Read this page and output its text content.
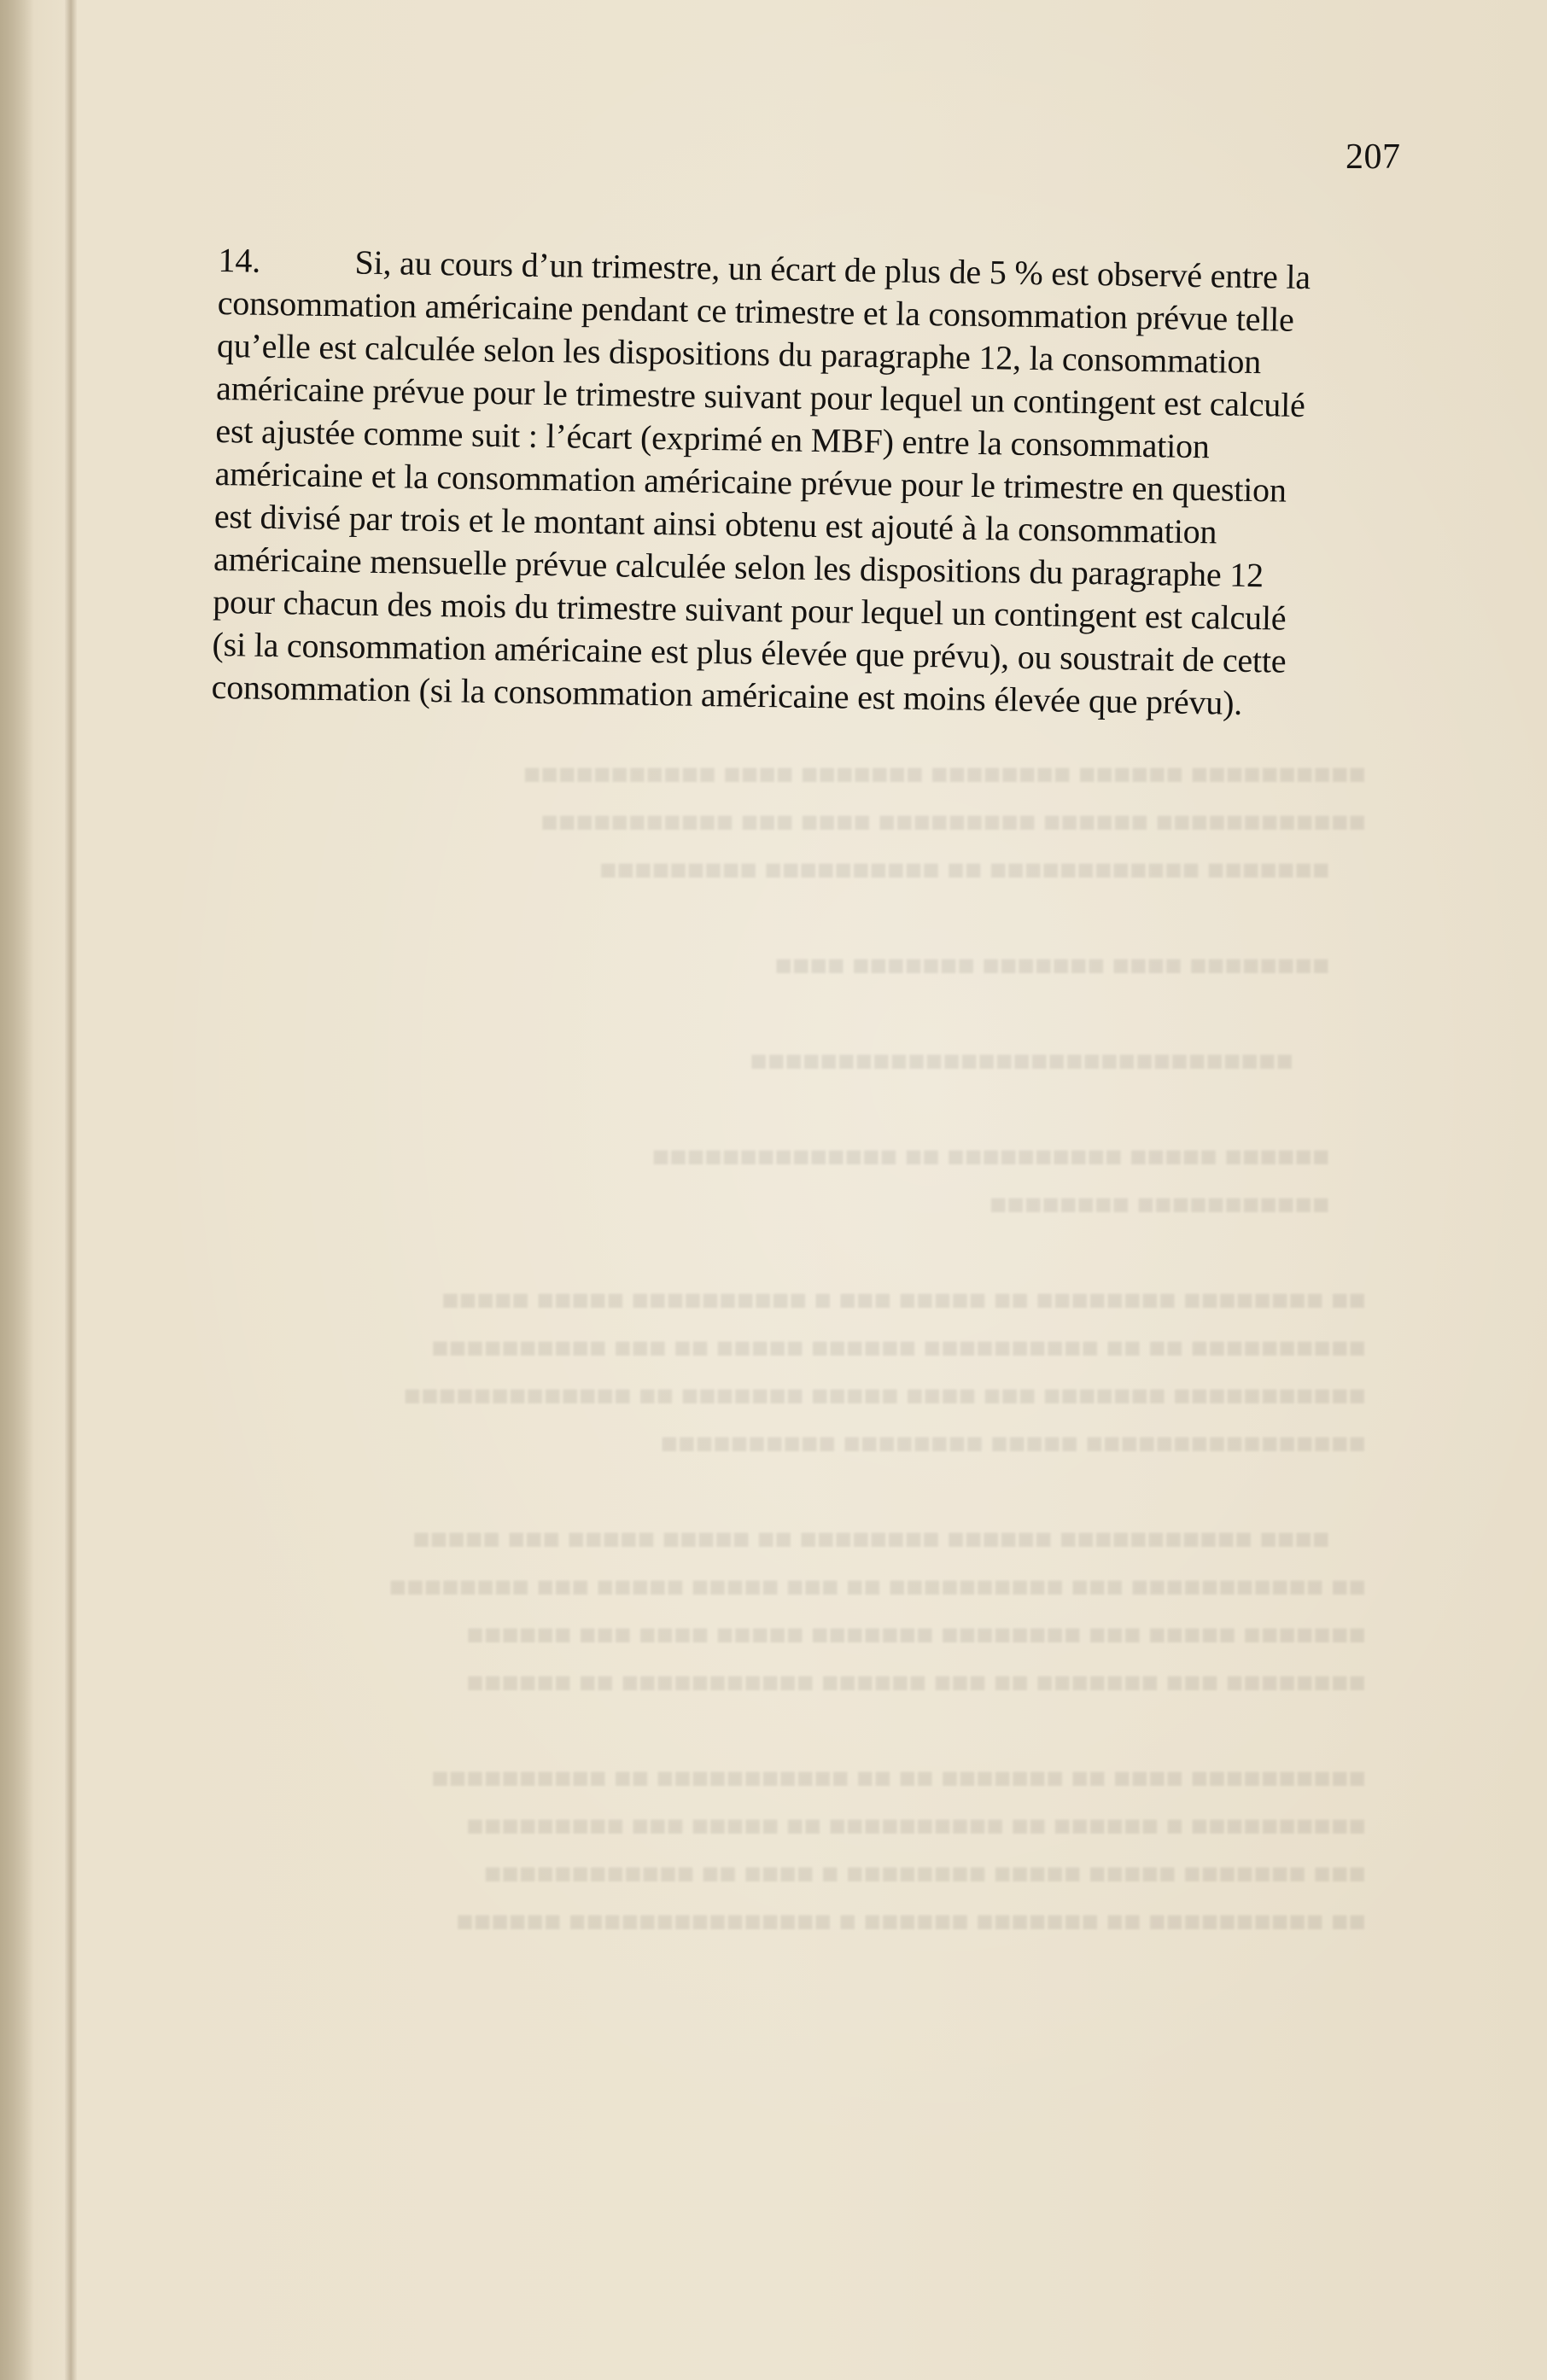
■■■■■■■■■■ ■■■■■■ ■■■■■■■■ ■■■■■■■ ■■■■ ■■■■■■■■■■■
■■■■■■■■■■■■ ■■■■■■ ■■■■■■■■■ ■■■■ ■■■ ■■■■■■■■■■■
■■■■■■■ ■■■■■■■■■■■■ ■■ ■■■■■■■■■■ ■■■■■■■■■

■■■■■■■■ ■■■■ ■■■■■■■ ■■■■■■■ ■■■■

■■■■■■■■■■■■■■■■■■■■■■■■■■■■■■■

■■■■■■ ■■■■■ ■■■■■■■■■■ ■■ ■■■■■■■■■■■■■■
■■■■■■■■■■■ ■■■■■■■■

■■ ■■■■■■■■ ■■■■■■■■ ■■ ■■■■■ ■■■ ■ ■■■■■■■■■■ ■■■■■ ■■■■■
■■■■■■■■■■ ■■ ■■ ■■■■■■■■■■ ■■■■■■ ■■■■■ ■■ ■■■ ■■■■■■■■■■
■■■■■■■■■■■ ■■■■■■■ ■■■ ■■■■ ■■■■■ ■■■■■■■ ■■ ■■■■■■■■■■■■■
■■■■■■■■■■■■■■■■ ■■■■■ ■■■■■■■■ ■■■■■■■■■■

■■■■ ■■■■■■■■■■■ ■■■■■■ ■■■■■■■■ ■■ ■■■■■ ■■■■■ ■■■ ■■■■■
■■ ■■■■■■■■■■■ ■■■ ■■■■■■■■■■ ■■ ■■■ ■■■■■ ■■■■■ ■■■ ■■■■■■■■
■■■■■■■ ■■■■■ ■■■ ■■■■■■■■ ■■■■■■■ ■■■■■ ■■■■ ■■■ ■■■■■■
■■■■■■■■ ■■■ ■■■■■■■ ■■ ■■■ ■■■■■■ ■■■■■■■■■■■ ■■ ■■■■■■

■■■■■■■■■■ ■■■■ ■■ ■■■■■■■ ■■ ■■ ■■■■■■■■■■■ ■■ ■■■■■■■■■■
■■■■■■■■■■ ■ ■■■■■■ ■■ ■■■■■■■■■■ ■■ ■■■■■ ■■■ ■■■■■■■■■
■■■ ■■■■■■■ ■■■■■ ■■■■■ ■■■■■■■■ ■ ■■■■ ■■ ■■■■■■■■■■■■
■■ ■■■■■■■■■■ ■■ ■■■■■■■ ■■■■■■ ■ ■■■■■■■■■■■■■■■ ■■■■■■
207
14.	Si, au cours d’un trimestre, un écart de plus de 5 % est observé entre la
consommation américaine pendant ce trimestre et la consommation prévue telle
qu’elle est calculée selon les dispositions du paragraphe 12, la consommation
américaine prévue pour le trimestre suivant pour lequel un contingent est calculé
est ajustée comme suit : l’écart (exprimé en MBF) entre la consommation
américaine et la consommation américaine prévue pour le trimestre en question
est divisé par trois et le montant ainsi obtenu est ajouté à la consommation
américaine mensuelle prévue calculée selon les dispositions du paragraphe 12
pour chacun des mois du trimestre suivant pour lequel un contingent est calculé
(si la consommation américaine est plus élevée que prévu), ou soustrait de cette
consommation (si la consommation américaine est moins élevée que prévu).
